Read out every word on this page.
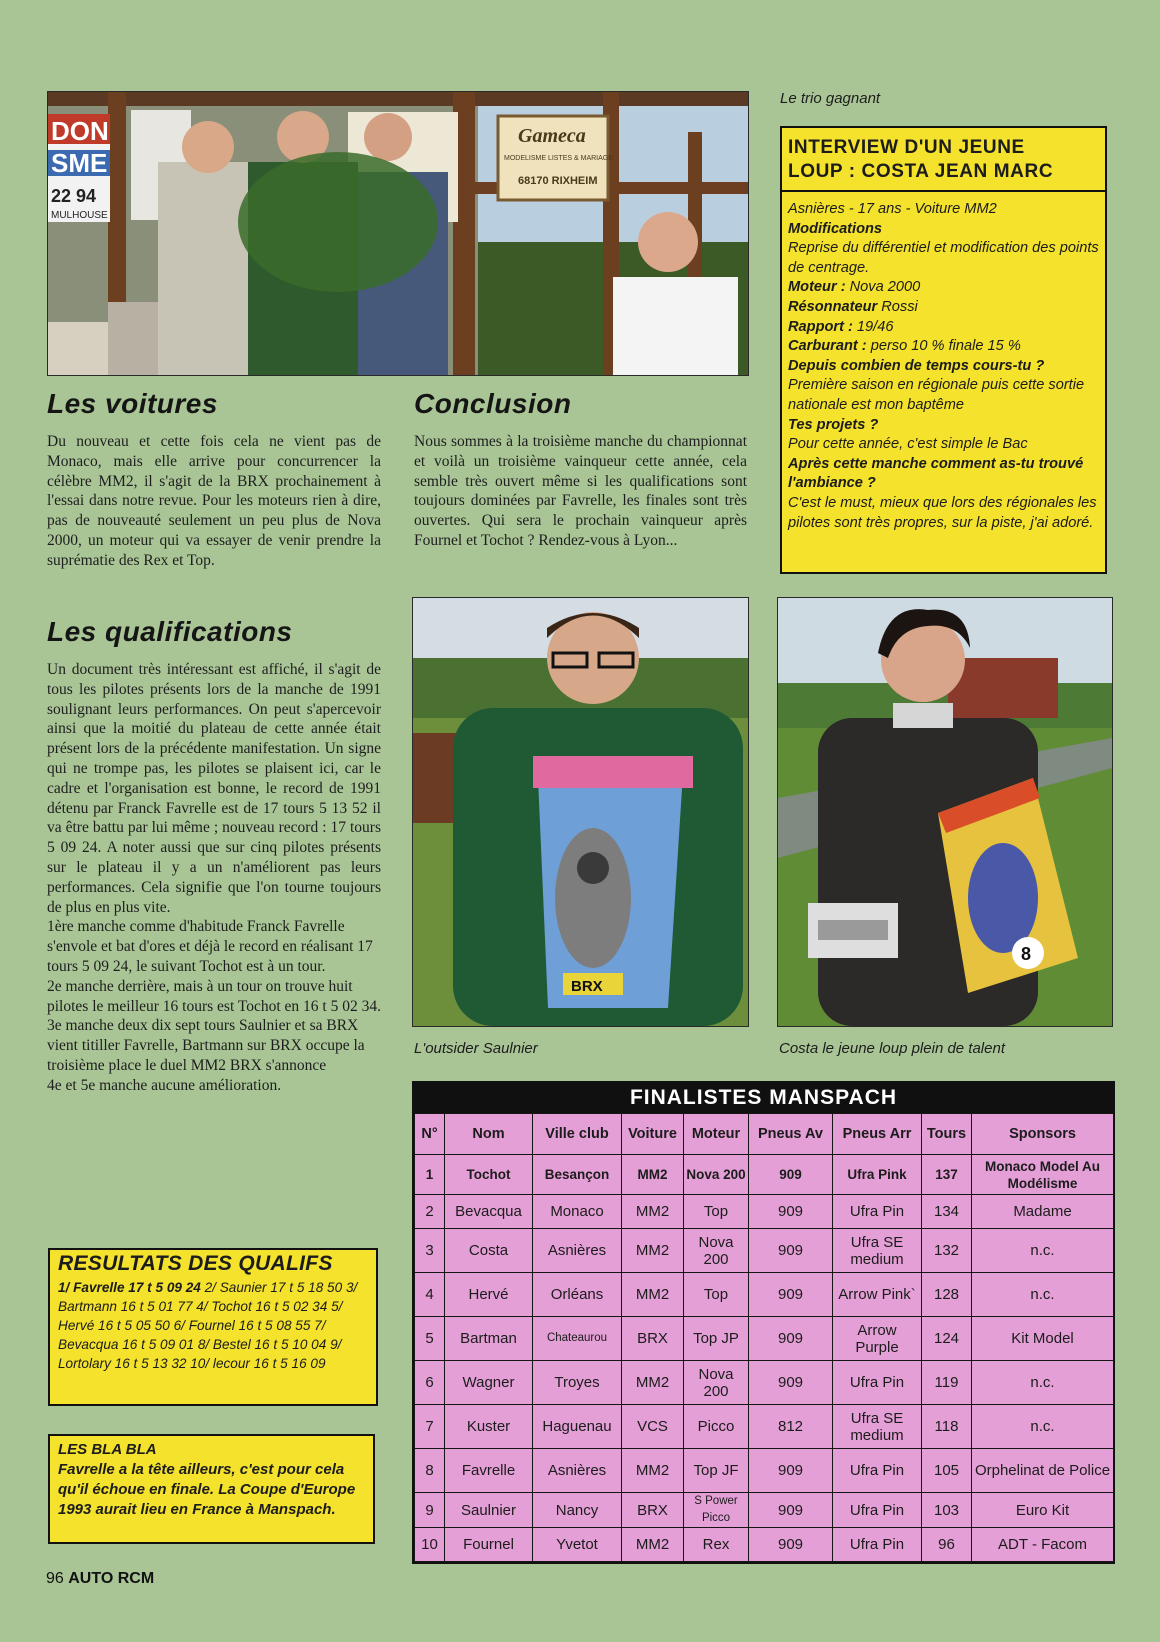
DON
SME
22 94
MULHOUSE
Gameca
MODELISME LISTES & MARIAGE
68170 RIXHEIM
Le trio gagnant
INTERVIEW D'UN JEUNE
LOUP : COSTA JEAN MARC
Asnières - 17 ans - Voiture MM2
Modifications
Reprise du différentiel et modification des points de centrage.
Moteur : Nova 2000
Résonnateur Rossi
Rapport : 19/46
Carburant : perso 10 % finale 15 %
Depuis combien de temps cours-tu ?
Première saison en régionale puis cette sortie nationale est mon baptême
Tes projets ?
Pour cette année, c'est simple le Bac
Après cette manche comment as-tu trouvé l'ambiance ?
C'est le must, mieux que lors des régionales les pilotes sont très propres, sur la piste, j'ai adoré.
Les voitures
Du nouveau et cette fois cela ne vient pas de Monaco, mais elle arrive pour concurrencer la célèbre MM2, il s'agit de la BRX prochainement à l'essai dans notre revue. Pour les moteurs rien à dire, pas de nouveauté seulement un peu plus de Nova 2000, un moteur qui va essayer de venir prendre la suprématie des Rex et Top.
Conclusion
Nous sommes à la troisième manche du championnat et voilà un troisième vainqueur cette année, cela semble très ouvert même si les qualifications sont toujours dominées par Favrelle, les finales sont très ouvertes. Qui sera le prochain vainqueur après Fournel et Tochot ? Rendez-vous à Lyon...
Les qualifications

Un document très intéressant est affiché, il s'agit de tous les pilotes présents lors de la manche de 1991 soulignant leurs performances. On peut s'apercevoir ainsi que la moitié du plateau de cette année était présent lors de la précédente manifestation. Un signe qui ne trompe pas, les pilotes se plaisent ici, car le cadre et l'organisation est bonne, le record de 1991 détenu par Franck Favrelle est de 17 tours 5 13 52 il va être battu par lui même ; nouveau record : 17 tours 5 09 24. A noter aussi que sur cinq pilotes présents sur le plateau il y a un n'améliorent pas leurs performances. Cela signifie que l'on tourne toujours de plus en plus vite.

1ère manche comme d'habitude Franck Favrelle s'envole et bat d'ores et déjà le record en réalisant 17 tours 5 09 24, le suivant Tochot est à un tour.

2e manche derrière, mais à un tour on trouve huit pilotes le meilleur 16 tours est Tochot en 16 t 5 02 34.

3e manche deux dix sept tours Saulnier et sa BRX vient titiller Favrelle, Bartmann sur BRX occupe la troisième place le duel MM2 BRX s'annonce

4e et 5e manche aucune amélioration.

RESULTATS DES QUALIFS
1/ Favrelle 17 t 5 09 24 2/ Saunier 17 t 5 18 50 3/ Bartmann 16 t 5 01 77 4/ Tochot 16 t 5 02 34 5/ Hervé 16 t 5 05 50 6/ Fournel 16 t 5 08 55 7/ Bevacqua 16 t 5 09 01 8/ Bestel 16 t 5 10 04 9/ Lortolary 16 t 5 13 32 10/ lecour 16 t 5 16 09
LES BLA BLA
Favrelle a la tête ailleurs, c'est pour cela qu'il échoue en finale. La Coupe d'Europe 1993 aurait lieu en France à Manspach.
BRX
L'outsider Saulnier
8
Costa le jeune loup plein de talent
FINALISTES MANSPACH
N°	Nom	Ville club	Voiture	Moteur	Pneus Av	Pneus Arr	Tours	Sponsors
1	Tochot	Besançon	MM2	Nova 200	909	Ufra Pink	137	Monaco Model Au Modélisme
2	Bevacqua	Monaco	MM2	Top	909	Ufra Pin	134	Madame
3	Costa	Asnières	MM2	Nova 200	909	Ufra SE medium	132	n.c.
4	Hervé	Orléans	MM2	Top	909	Arrow Pink`	128	n.c.
5	Bartman	Chateaurou	BRX	Top JP	909	Arrow Purple	124	Kit Model
6	Wagner	Troyes	MM2	Nova 200	909	Ufra Pin	119	n.c.
7	Kuster	Haguenau	VCS	Picco	812	Ufra SE medium	118	n.c.
8	Favrelle	Asnières	MM2	Top JF	909	Ufra Pin	105	Orphelinat de Police
9	Saulnier	Nancy	BRX	S Power Picco	909	Ufra Pin	103	Euro Kit
10	Fournel	Yvetot	MM2	Rex	909	Ufra Pin	96	ADT - Facom
96 AUTO RCM
